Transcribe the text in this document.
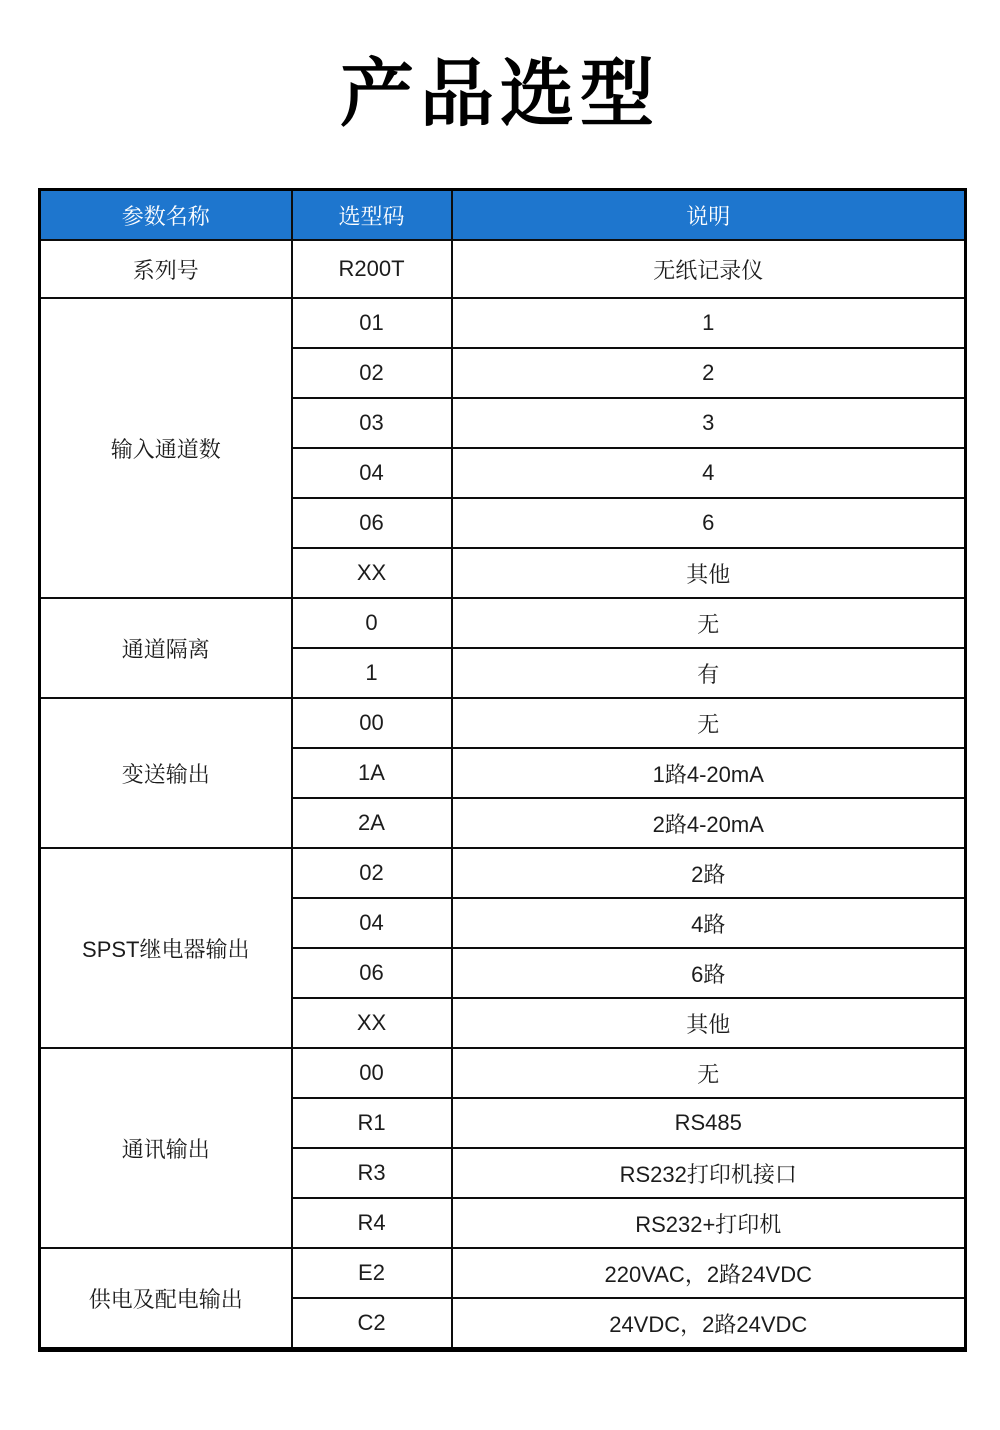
产品选型
参数名称	选型码	说明
系列号	R200T	无纸记录仪
输入通道数	01	1
	02	2
	03	3
	04	4
	06	6
	XX	其他
通道隔离	0	无
	1	有
变送输出	00	无
	1A	1路4-20mA
	2A	2路4-20mA
SPST继电器输出	02	2路
	04	4路
	06	6路
	XX	其他
通讯输出	00	无
	R1	RS485
	R3	RS232打印机接口
	R4	RS232+打印机
供电及配电输出	E2	220VAC，2路24VDC
	C2	24VDC，2路24VDC
